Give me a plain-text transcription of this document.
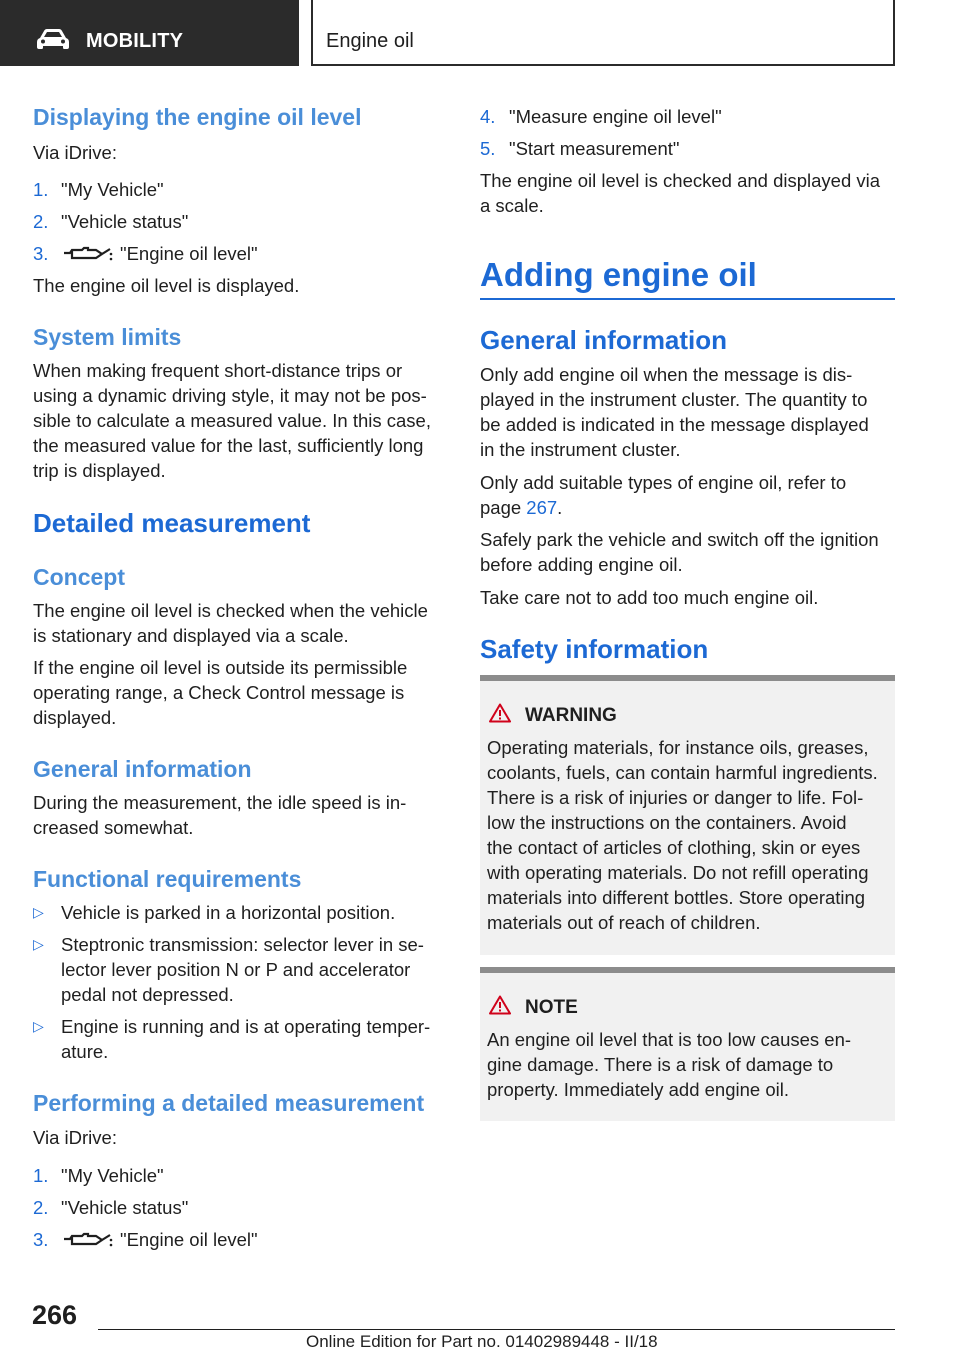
MOBILITY	Engine oil
Displaying the engine oil level
Via iDrive:
1. "My Vehicle"
2. "Vehicle status"
3.	"Engine oil level"
The engine oil level is displayed.
System limits
When making frequent short-distance trips or
using a dynamic driving style, it may not be pos-
sible to calculate a measured value. In this case,
the measured value for the last, sufficiently long
trip is displayed.
Detailed measurement
Concept
The engine oil level is checked when the vehicle
is stationary and displayed via a scale.
If the engine oil level is outside its permissible
operating range, a Check Control message is
displayed.
General information
During the measurement, the idle speed is in-
creased somewhat.
Functional requirements
▷ Vehicle is parked in a horizontal position.
▷ Steptronic transmission: selector lever in se-
lector lever position N or P and accelerator
pedal not depressed.
▷ Engine is running and is at operating temper-
ature.
Performing a detailed measurement
Via iDrive:
1. "My Vehicle"
2. "Vehicle status"
3.	"Engine oil level"
4. "Measure engine oil level"
5. "Start measurement"
The engine oil level is checked and displayed via
a scale.
Adding engine oil
General information
Only add engine oil when the message is dis-
played in the instrument cluster. The quantity to
be added is indicated in the message displayed
in the instrument cluster.
Only add suitable types of engine oil, refer to
page 267.
Safely park the vehicle and switch off the ignition
before adding engine oil.
Take care not to add too much engine oil.
Safety information
WARNING
Operating materials, for instance oils, greases,
coolants, fuels, can contain harmful ingredients.
There is a risk of injuries or danger to life. Fol-
low the instructions on the containers. Avoid
the contact of articles of clothing, skin or eyes
with operating materials. Do not refill operating
materials into different bottles. Store operating
materials out of reach of children.
NOTE
An engine oil level that is too low causes en-
gine damage. There is a risk of damage to
property. Immediately add engine oil.
266
Online Edition for Part no. 01402989448 - II/18
